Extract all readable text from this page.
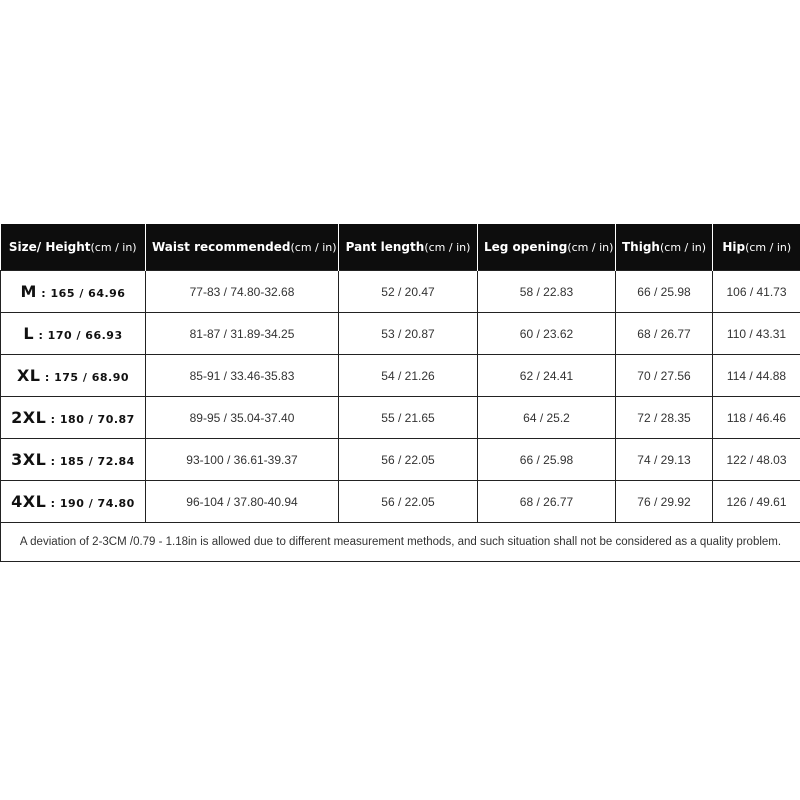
Size/ Height(cm / in)	Waist recommended(cm / in)	Pant length(cm / in)	Leg opening(cm / in)	Thigh(cm / in)	Hip(cm / in)
M : 165 / 64.96	77-83 / 74.80-32.68	52 / 20.47	58 / 22.83	66 / 25.98	106 / 41.73
L : 170 / 66.93	81-87 / 31.89-34.25	53 / 20.87	60 / 23.62	68 / 26.77	110 / 43.31
XL : 175 / 68.90	85-91 / 33.46-35.83	54 / 21.26	62 / 24.41	70 / 27.56	114 / 44.88
2XL : 180 / 70.87	89-95 / 35.04-37.40	55 / 21.65	64 / 25.2	72 / 28.35	118 / 46.46
3XL : 185 / 72.84	93-100 / 36.61-39.37	56 / 22.05	66 / 25.98	74 / 29.13	122 / 48.03
4XL : 190 / 74.80	96-104 / 37.80-40.94	56 / 22.05	68 / 26.77	76 / 29.92	126 / 49.61
A deviation of 2-3CM /0.79 - 1.18in is allowed due to different measurement methods, and such situation shall not be considered as a quality problem.					
